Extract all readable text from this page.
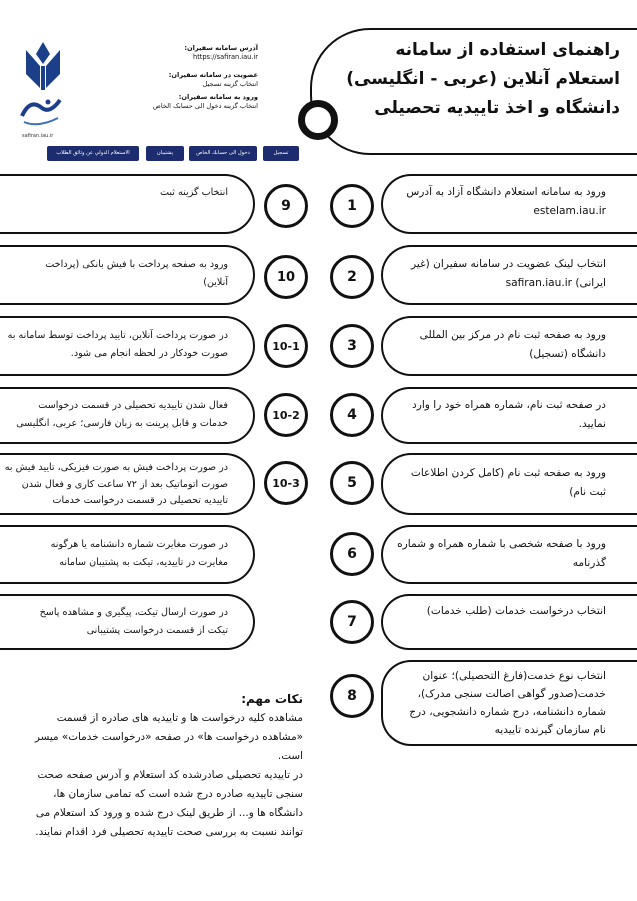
راهنمای استفاده از سامانه
استعلام آنلاین (عربی - انگلیسی)
دانشگاه و اخذ تاییدیه تحصیلی
آدرس سامانه سفیران:
https://safiran.iau.ir
عضویت در سامانه سفیران:
انتخاب گزینه تسجیل
ورود به سامانه سفیران:
انتخاب گزینه دخول الی حسابک الخاص
safiran.iau.ir
الاستعلام الدولي عن وثائق الطلاب	پشتیبان	دخول الى حسابك الخاص	تسجیل
ورود به سامانه استعلام دانشگاه آزاد به آدرس estelam.iau.ir
انتخاب لینک عضویت در سامانه سفیران (غیر ایرانی) safiran.iau.ir
ورود به صفحه ثبت نام در مرکز بین المللی دانشگاه (تسجیل)
در صفحه ثبت نام، شماره همراه خود را وارد نمایید.
ورود به صفحه ثبت نام (کامل کردن اطلاعات ثبت نام)
ورود با صفحه شخصی با شماره همراه و شماره گذرنامه
انتخاب درخواست خدمات (طلب خدمات)
انتخاب نوع خدمت(فارغ التحصیلی)؛ عنوان خدمت(صدور گواهی اصالت سنجی مدرک)، شماره دانشنامه، درج شماره دانشجویی، درج نام سازمان گیرنده تاییدیه
انتخاب گزینه ثبت
ورود به صفحه پرداخت با فیش بانکی (پرداخت آنلاین)
در صورت پرداخت آنلاین، تایید پرداخت توسط سامانه به صورت خودکار در لحظه انجام می شود.
فعال شدن تاییدیه تحصیلی در قسمت درخواست خدمات و قابل پرینت به زبان فارسی؛ عربی، انگلیسی
در صورت پرداخت فیش به صورت فیزیکی، تایید فیش به صورت اتوماتیک بعد از ۷۲ ساعت کاری و فعال شدن تاییدیه تحصیلی در قسمت درخواست خدمات
در صورت مغایرت شماره دانشنامه یا هرگونه مغایرت در تاییدیه، تیکت به پشتیبان سامانه
در صورت ارسال تیکت، پیگیری و مشاهده پاسخ تیکت از قسمت درخواست پشتیبانی
1
2
3
4
5
6
7
8
9
10
10-1
10-2
10-3
نکات مهم:
مشاهده کلیه درخواست ها و تاییدیه های صادره از قسمت «مشاهده درخواست ها» در صفحه «درخواست خدمات» میسر است.
در تاییدیه تحصیلی صادرشده کد استعلام و آدرس صفحه صحت سنجی تاییدیه صادره درج شده است که تمامی سازمان ها، دانشگاه ها و... از طریق لینک درج شده و ورود کد استعلام می توانند نسبت به بررسی صحت تاییدیه تحصیلی فرد اقدام نمایند.
